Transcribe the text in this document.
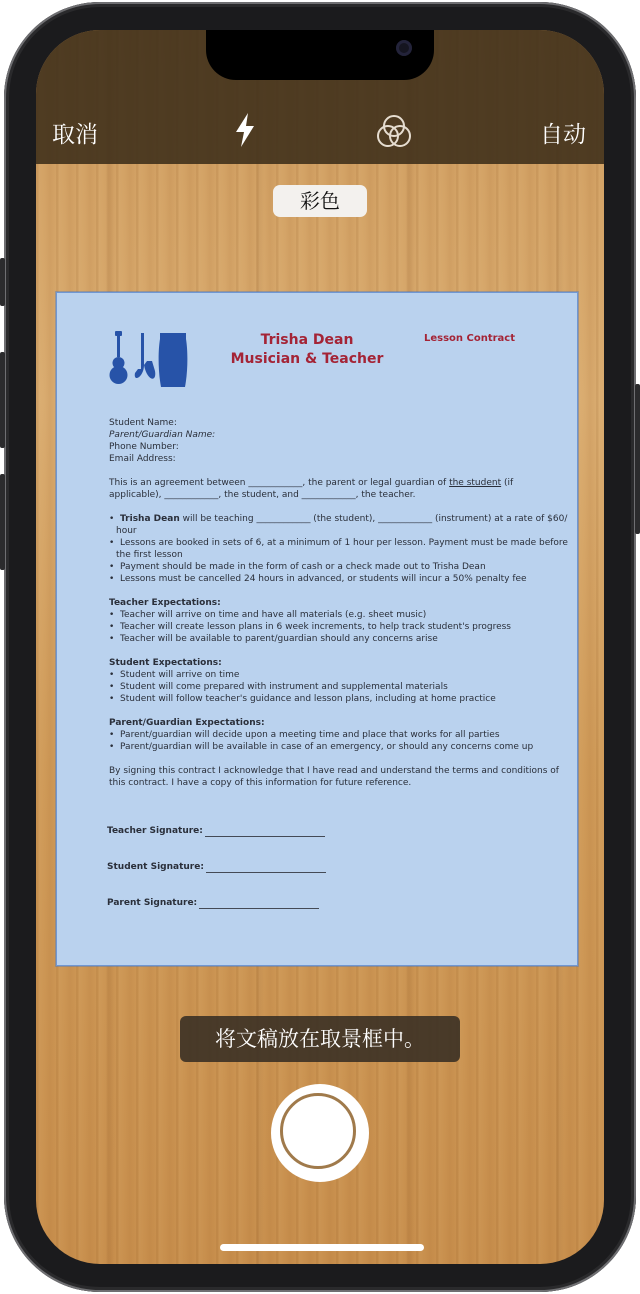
取消	自动
彩色
Trisha Dean
Musician & Teacher
Lesson Contract
Student Name:
Parent/Guardian Name:
Phone Number:
Email Address:
This is an agreement between ____________, the parent or legal guardian of the student (if
applicable), ____________, the student, and ____________, the teacher.
•  Trisha Dean will be teaching ____________ (the student), ____________ (instrument) at a rate of $60/
hour
•  Lessons are booked in sets of 6, at a minimum of 1 hour per lesson. Payment must be made before
the first lesson
•  Payment should be made in the form of cash or a check made out to Trisha Dean
•  Lessons must be cancelled 24 hours in advanced, or students will incur a 50% penalty fee
Teacher Expectations:
•  Teacher will arrive on time and have all materials (e.g. sheet music)
•  Teacher will create lesson plans in 6 week increments, to help track student's progress
•  Teacher will be available to parent/guardian should any concerns arise
Student Expectations:
•  Student will arrive on time
•  Student will come prepared with instrument and supplemental materials
•  Student will follow teacher's guidance and lesson plans, including at home practice
Parent/Guardian Expectations:
•  Parent/guardian will decide upon a meeting time and place that works for all parties
•  Parent/guardian will be available in case of an emergency, or should any concerns come up
By signing this contract I acknowledge that I have read and understand the terms and conditions of
this contract. I have a copy of this information for future reference.
Teacher Signature:
Student Signature:
Parent Signature:
将文稿放在取景框中。
